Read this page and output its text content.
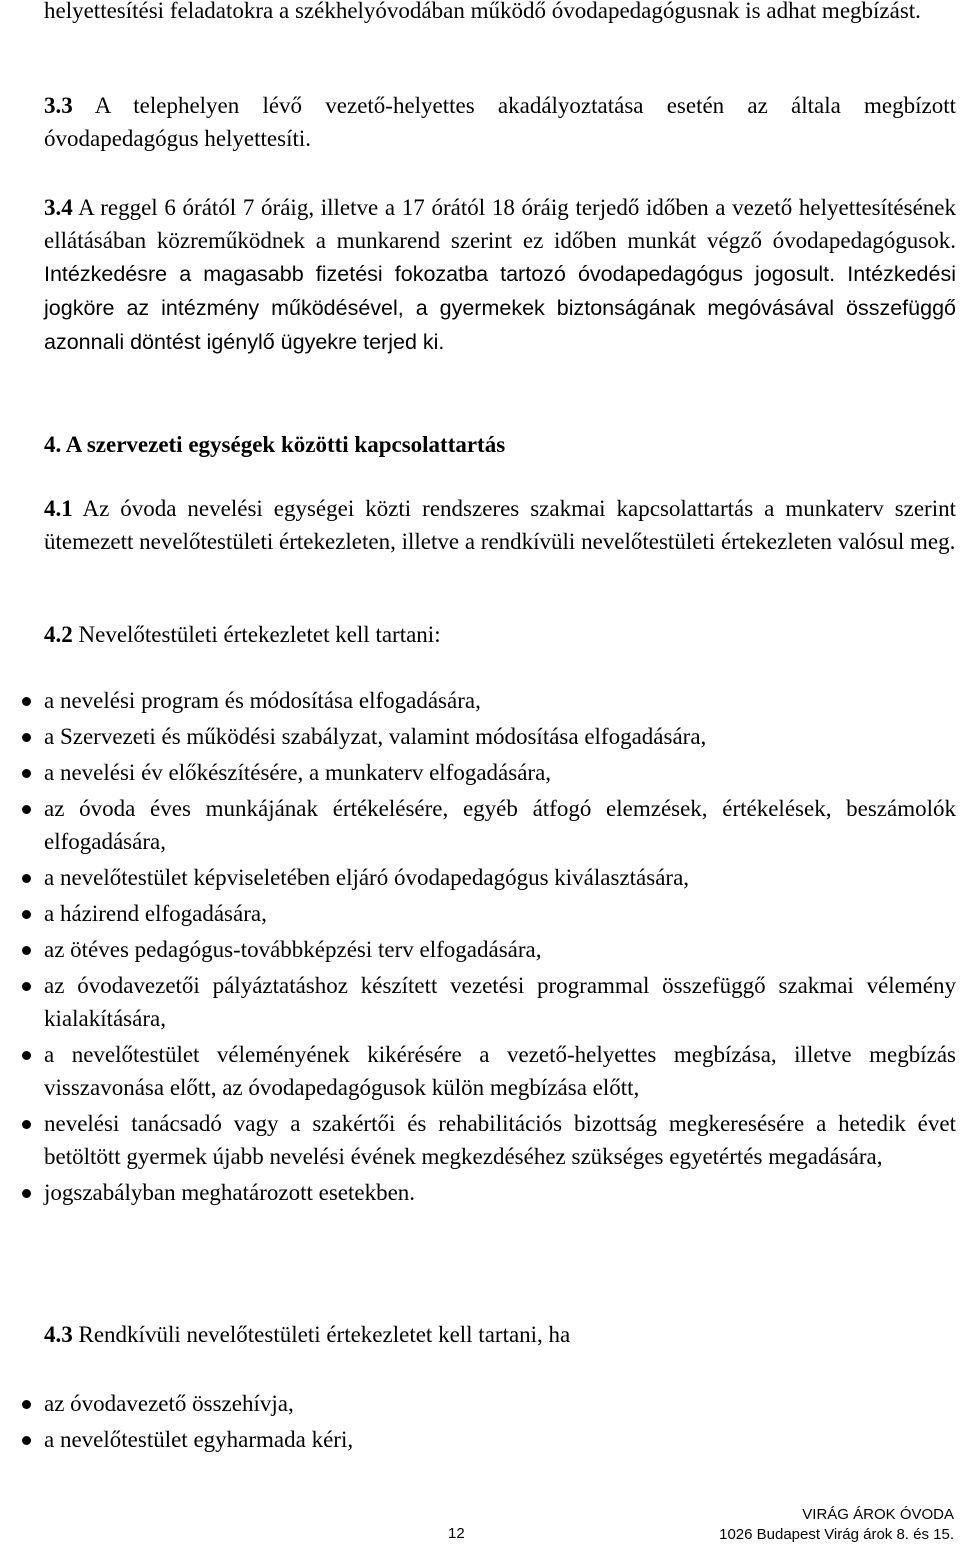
helyettesítési feladatokra a székhelyóvodában működő óvodapedagógusnak is adhat megbízást.

3.3 A telephelyen lévő vezető-helyettes akadályoztatása esetén az általa megbízott óvodapedagógus helyettesíti.

3.4 A reggel 6 órától 7 óráig, illetve a 17 órától 18 óráig terjedő időben a vezető helyettesítésének ellátásában közreműködnek a munkarend szerint ez időben munkát végző óvodapedagógusok. Intézkedésre a magasabb fizetési fokozatba tartozó óvodapedagógus jogosult. Intézkedési jogköre az intézmény működésével, a gyermekek biztonságának megóvásával összefüggő azonnali döntést igénylő ügyekre terjed ki.

4. A szervezeti egységek közötti kapcsolattartás

4.1 Az óvoda nevelési egységei közti rendszeres szakmai kapcsolattartás a munkaterv szerint ütemezett nevelőtestületi értekezleten, illetve a rendkívüli nevelőtestületi értekezleten valósul meg.

4.2 Nevelőtestületi értekezletet kell tartani:

a nevelési program és módosítása elfogadására,
a Szervezeti és működési szabályzat, valamint módosítása elfogadására,
a nevelési év előkészítésére, a munkaterv elfogadására,
az óvoda éves munkájának értékelésére, egyéb átfogó elemzések, értékelések, beszámolók elfogadására,
a nevelőtestület képviseletében eljáró óvodapedagógus kiválasztására,
a házirend elfogadására,
az ötéves pedagógus-továbbképzési terv elfogadására,
az óvodavezetői pályáztatáshoz készített vezetési programmal összefüggő szakmai vélemény kialakítására,
a nevelőtestület véleményének kikérésére a vezető-helyettes megbízása, illetve megbízás visszavonása előtt, az óvodapedagógusok külön megbízása előtt,
nevelési tanácsadó vagy a szakértői és rehabilitációs bizottság megkeresésére a hetedik évet betöltött gyermek újabb nevelési évének megkezdéséhez szükséges egyetértés megadására,
jogszabályban meghatározott esetekben.

4.3 Rendkívüli nevelőtestületi értekezletet kell tartani, ha

az óvodavezető összehívja,
a nevelőtestület egyharmada kéri,
12
VIRÁG ÁROK ÓVODA
1026 Budapest Virág árok 8. és 15.
